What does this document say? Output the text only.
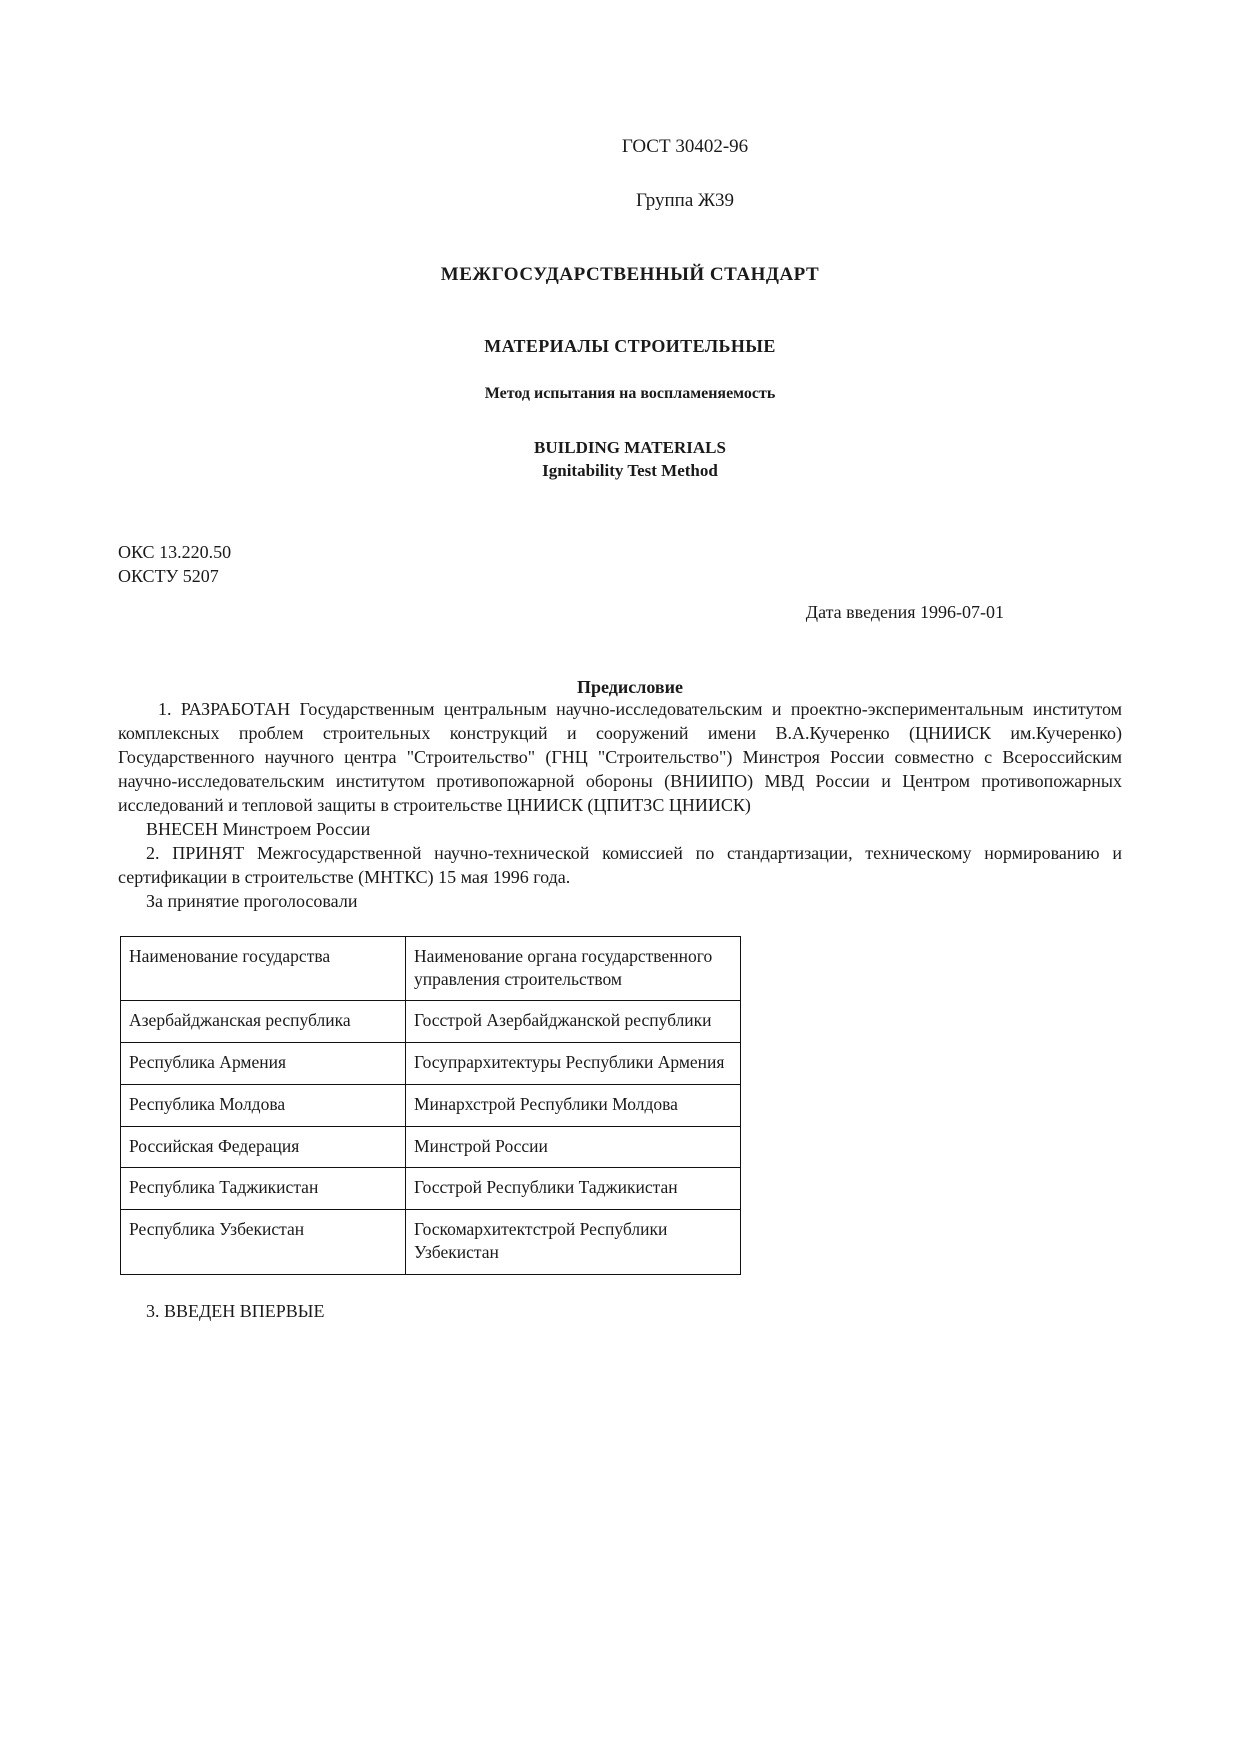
ГОСТ 30402-96
Группа Ж39
МЕЖГОСУДАРСТВЕННЫЙ СТАНДАРТ
МАТЕРИАЛЫ СТРОИТЕЛЬНЫЕ
Метод испытания на воспламеняемость
BUILDING MATERIALS
Ignitability Test Method
ОКС 13.220.50
ОКСТУ 5207
Дата введения 1996-07-01
Предисловие

1. РАЗРАБОТАН Государственным центральным научно-исследовательским и проектно-экспериментальным институтом комплексных проблем строительных конструкций и сооружений имени В.А.Кучеренко (ЦНИИСК им.Кучеренко) Государственного научного центра "Строительство" (ГНЦ "Строительство") Минстроя России совместно с Всероссийским научно-исследовательским институтом противопожарной обороны (ВНИИПО) МВД России и Центром противопожарных исследований и тепловой защиты в строительстве ЦНИИСК (ЦПИТЗС ЦНИИСК)

ВНЕСЕН Минстроем России

2. ПРИНЯТ Межгосударственной научно-технической комиссией по стандартизации, техническому нормированию и сертификации в строительстве (МНТКС) 15 мая 1996 года.

За принятие проголосовали

Наименование государства	Наименование органа государственного управления строительством
Азербайджанская республика	Госстрой Азербайджанской республики
Республика Армения	Госупрархитектуры Республики Армения
Республика Молдова	Минархстрой Республики Молдова
Российская Федерация	Минстрой России
Республика Таджикистан	Госстрой Республики Таджикистан
Республика Узбекистан	Госкомархитектстрой Республики Узбекистан
3. ВВЕДЕН ВПЕРВЫЕ
